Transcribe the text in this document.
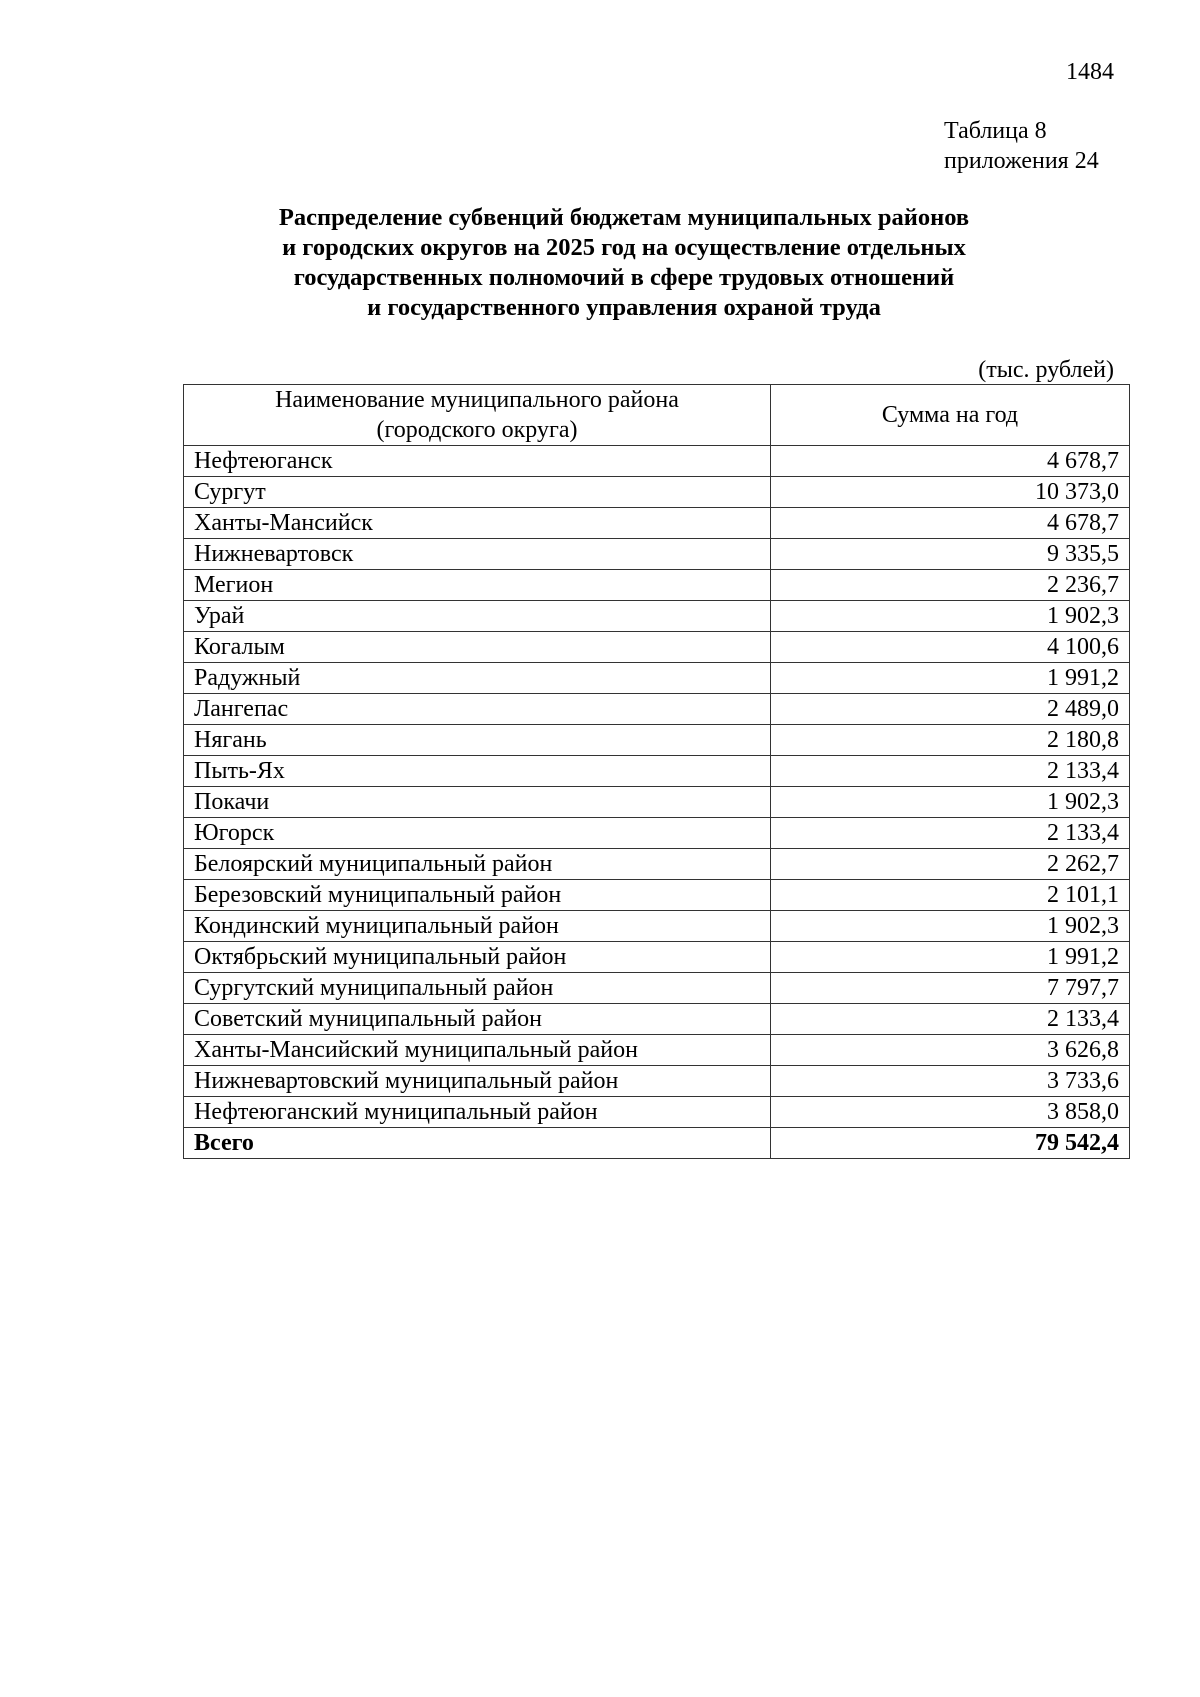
1484
Таблица 8
приложения 24
Распределение субвенций бюджетам муниципальных районов
и городских округов на 2025 год на осуществление отдельных
государственных полномочий в сфере трудовых отношений
и государственного управления охраной труда
(тыс. рублей)
Наименование муниципального района
(городского округа)	Сумма на год
Нефтеюганск	4 678,7
Сургут	10 373,0
Ханты-Мансийск	4 678,7
Нижневартовск	9 335,5
Мегион	2 236,7
Урай	1 902,3
Когалым	4 100,6
Радужный	1 991,2
Лангепас	2 489,0
Нягань	2 180,8
Пыть-Ях	2 133,4
Покачи	1 902,3
Югорск	2 133,4
Белоярский муниципальный район	2 262,7
Березовский муниципальный район	2 101,1
Кондинский муниципальный район	1 902,3
Октябрьский муниципальный район	1 991,2
Сургутский муниципальный район	7 797,7
Советский муниципальный район	2 133,4
Ханты-Мансийский муниципальный район	3 626,8
Нижневартовский муниципальный район	3 733,6
Нефтеюганский муниципальный район	3 858,0
Всего	79 542,4
